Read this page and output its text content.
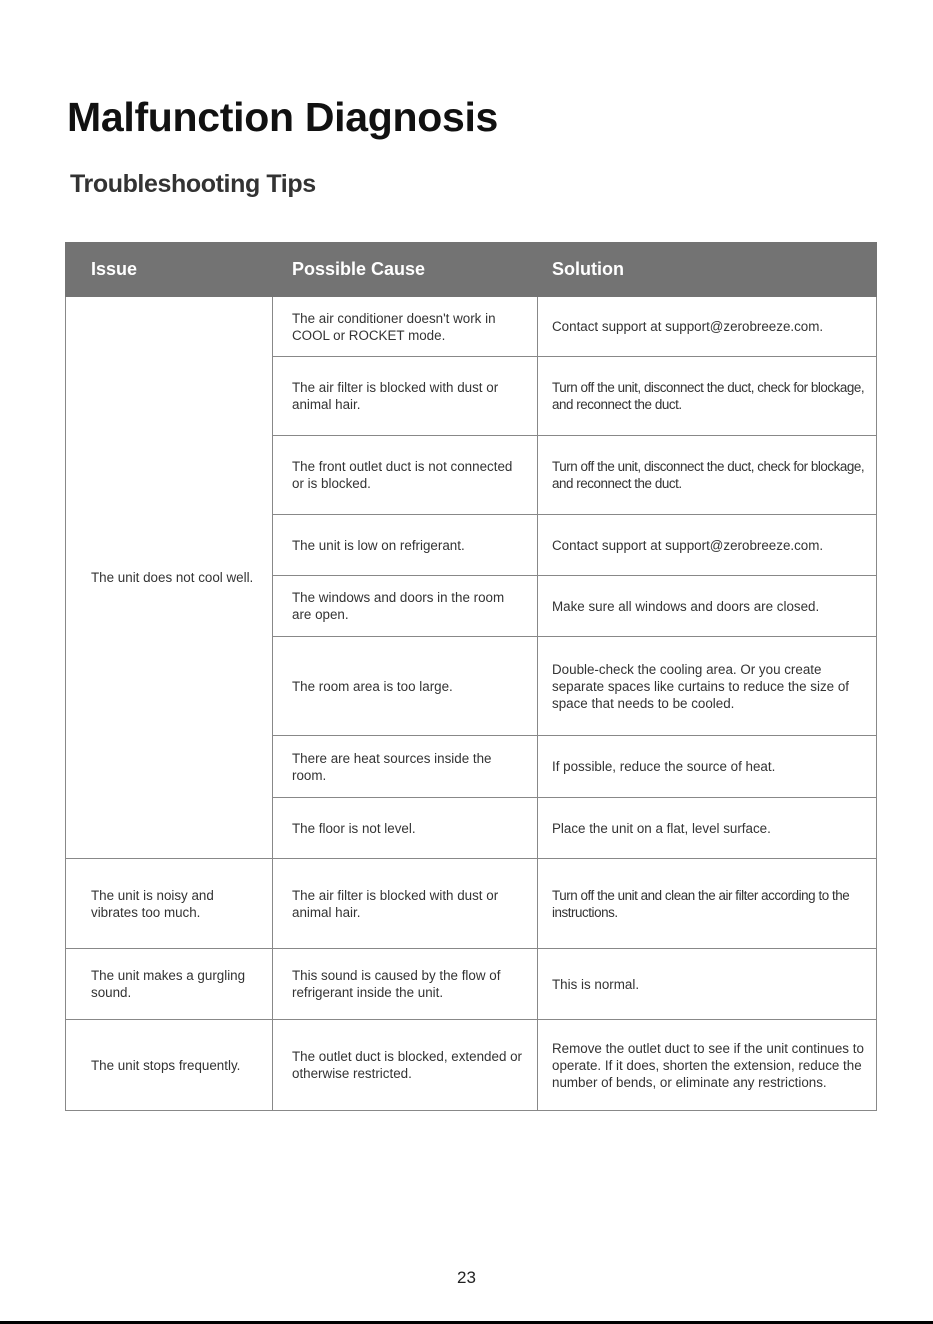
Malfunction Diagnosis
Troubleshooting Tips
Issue	Possible Cause	Solution
The unit does not cool well.	The air conditioner doesn't work in COOL or ROCKET mode.	Contact support at support@zerobreeze.com.
	The air filter is blocked with dust or animal hair.	Turn off the unit, disconnect the duct, check for blockage, and reconnect the duct.
	The front outlet duct is not connected or is blocked.	Turn off the unit, disconnect the duct, check for blockage, and reconnect the duct.
	The unit is low on refrigerant.	Contact support at support@zerobreeze.com.
	The windows and doors in the room are open.	Make sure all windows and doors are closed.
	The room area is too large.	Double-check the cooling area. Or you create separate spaces like curtains to reduce the size of space that needs to be cooled.
	There are heat sources inside the room.	If possible, reduce the source of heat.
	The floor is not level.	Place the unit on a flat, level surface.
The unit is noisy and vibrates too much.	The air filter is blocked with dust or animal hair.	Turn off the unit and clean the air filter according to the instructions.
The unit makes a gurgling sound.	This sound is caused by the flow of refrigerant inside the unit.	This is normal.
The unit stops frequently.	The outlet duct is blocked, extended or otherwise restricted.	Remove the outlet duct to see if the unit continues to operate. If it does, shorten the extension, reduce the number of bends, or eliminate any restrictions.
23
